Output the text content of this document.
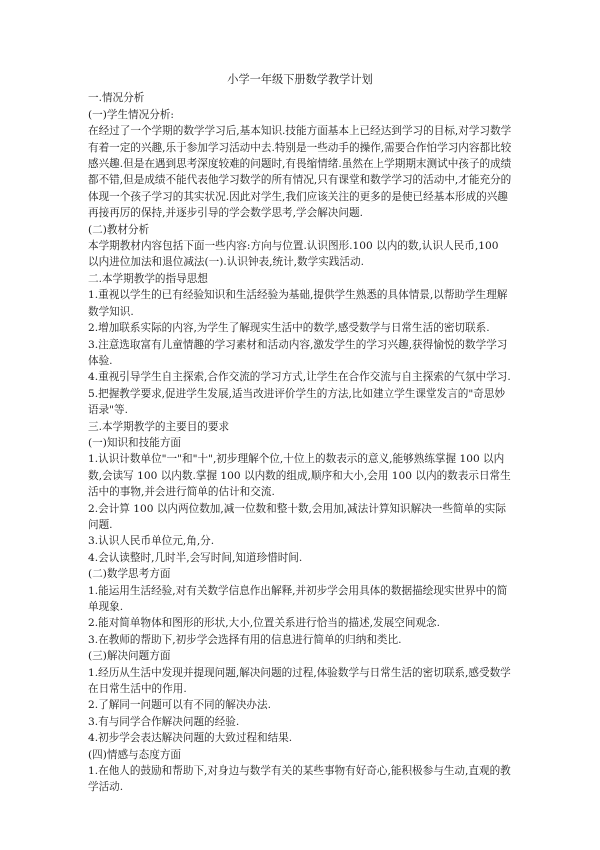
小学一年级下册数学教学计划

一.情况分析

(一)学生情况分析:

在经过了一个学期的数学学习后,基本知识.技能方面基本上已经达到学习的目标,对学习数学有着一定的兴趣,乐于参加学习活动中去.特别是一些动手的操作,需要合作怕学习内容都比较感兴趣.但是在遇到思考深度较难的问题时,有畏缩情绪.虽然在上学期期末测试中孩子的成绩都不错,但是成绩不能代表他学习数学的所有情况,只有课堂和数学学习的活动中,才能充分的体现一个孩子学习的其实状况.因此对学生,我们应该关注的更多的是使已经基本形成的兴趣再接再厉的保持,并逐步引导的学会数学思考,学会解决问题.

(二)教材分析

本学期教材内容包括下面一些内容:方向与位置.认识图形.100 以内的数,认识人民币,100 以内进位加法和退位减法(一).认识钟表,统计,数学实践活动.

二.本学期教学的指导思想

1.重视以学生的已有经验知识和生活经验为基础,提供学生熟悉的具体情景,以帮助学生理解数学知识.

2.增加联系实际的内容,为学生了解现实生活中的数学,感受数学与日常生活的密切联系.

3.注意选取富有儿童情趣的学习素材和活动内容,激发学生的学习兴趣,获得愉悦的数学学习体验.

4.重视引导学生自主探索,合作交流的学习方式,让学生在合作交流与自主探索的气氛中学习.

5.把握教学要求,促进学生发展,适当改进评价学生的方法,比如建立学生课堂发言的"奇思妙语录"等.

三.本学期教学的主要目的要求

(一)知识和技能方面

1.认识计数单位"一"和"十",初步理解个位,十位上的数表示的意义,能够熟练掌握 100 以内数,会读写 100 以内数.掌握 100 以内数的组成,顺序和大小,会用 100 以内的数表示日常生活中的事物,并会进行简单的估计和交流.

2.会计算 100 以内两位数加,减一位数和整十数,会用加,减法计算知识解决一些简单的实际问题.

3.认识人民币单位元,角,分.

4.会认读整时,几时半,会写时间,知道珍惜时间.

(二)数学思考方面

1.能运用生活经验,对有关数学信息作出解释,并初步学会用具体的数据描绘现实世界中的简单现象.

2.能对简单物体和图形的形状,大小,位置关系进行恰当的描述,发展空间观念.

3.在教师的帮助下,初步学会选择有用的信息进行简单的归纳和类比.

(三)解决问题方面

1.经历从生活中发现并提现问题,解决问题的过程,体验数学与日常生活的密切联系,感受数学在日常生活中的作用.

2.了解同一问题可以有不同的解决办法.

3.有与同学合作解决问题的经验.

4.初步学会表达解决问题的大致过程和结果.

(四)情感与态度方面

1.在他人的鼓励和帮助下,对身边与数学有关的某些事物有好奇心,能积极参与生动,直观的教学活动.
